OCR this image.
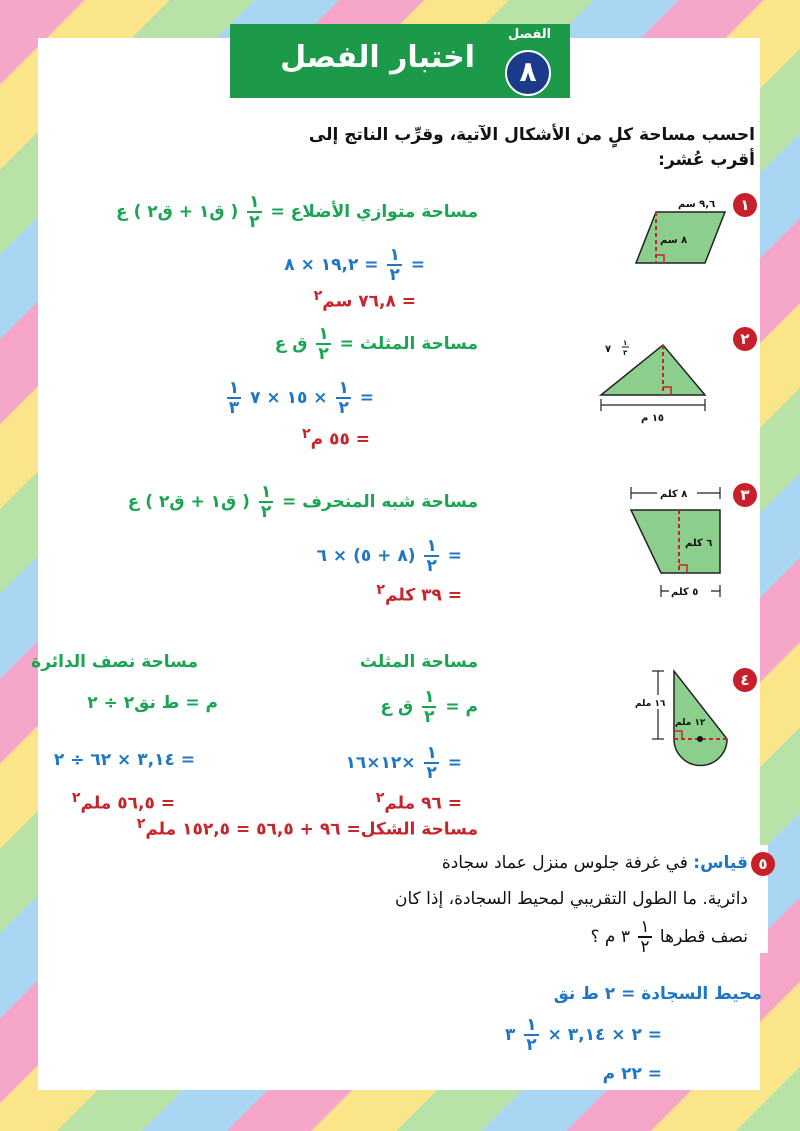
الفصل
٨
اختبار الفصل
احسب مساحة كلٍ من الأشكال الآتية، وقرِّب الناتج إلى
أقرب عُشر:
١
مساحة متوازي الأضلاع =
$\frac{١}{٢}$
( ق١ + ق٢ ) ع
=
$\frac{١}{٢}$
= ١٩,٢ × ٨
= ٧٦,٨ سم$^٢$
٩,٦ سم
٨ سم
٢
مساحة المثلث =
$\frac{١}{٢}$
ق ع
=
$\frac{١}{٢}$
× ١٥ × ٧
$\frac{١}{٣}$
= ٥٥ م$^٢$
١٥ م
٧
١
٣
٣
مساحة شبه المنحرف =
$\frac{١}{٢}$
( ق١ + ق٢ ) ع
=
$\frac{١}{٢}$
(٨ + ٥) × ٦
= ٣٩ كلم$^٢$
٨ كلم
٦ كلم
٥ كلم
٤
مساحة المثلث
مساحة نصف الدائرة
م =
$\frac{١}{٢}$
ق ع
م = ط نق٢ ÷ ٢
=
$\frac{١}{٢}$
×١٢×١٦
= ٣,١٤ × ٦٢ ÷ ٢
= ٩٦ ملم$^٢$
= ٥٦,٥ ملم$^٢$
مساحة الشكل= ٩٦ + ٥٦,٥ = ١٥٢,٥ ملم$^٢$
١٦ ملم
١٢ ملم
٥
قياس: في غرفة جلوس منزل عماد سجادة
دائرية. ما الطول التقريبي لمحيط السجادة، إذا كان
نصف قطرها
$\frac{١}{٢}$
٣ م ؟
محيط السجادة = ٢ ط نق
= ٢ × ٣,١٤ ×
$\frac{١}{٢}$
٣
= ٢٢ م
